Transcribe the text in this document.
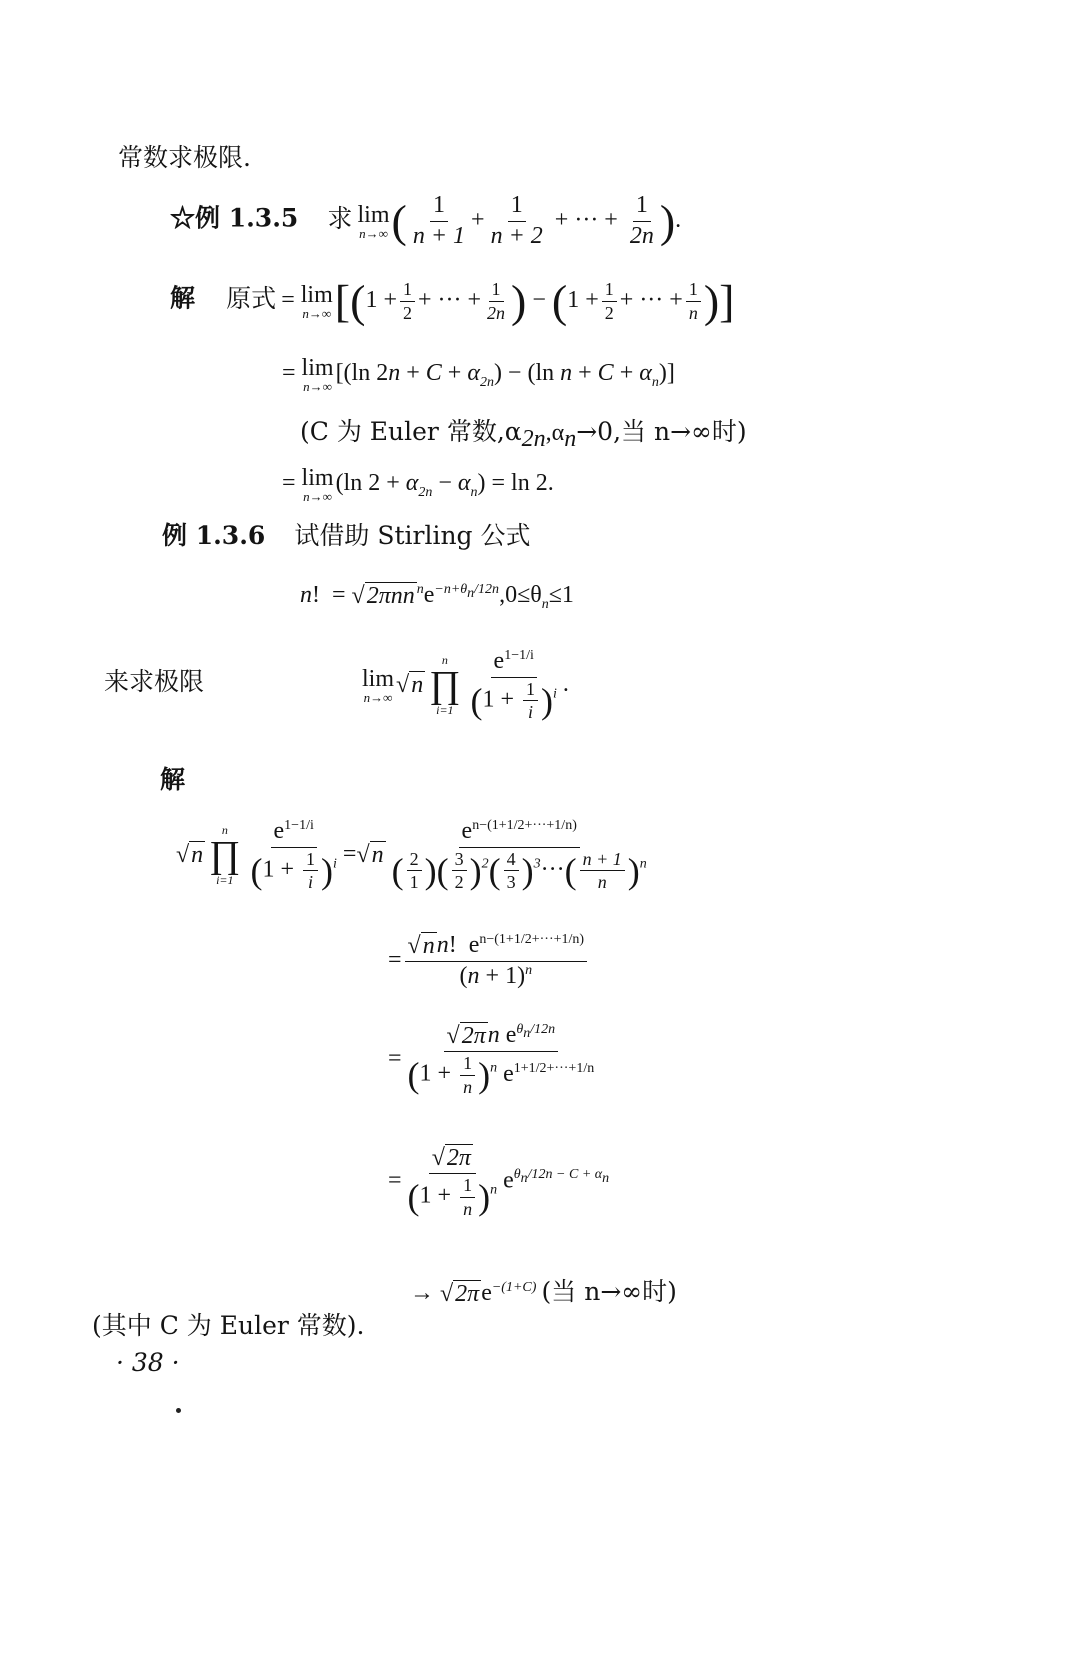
常数求极限.
☆例 1.3.5 求 lim
n→∞ ( $\frac{1}{n + 1} + \frac{1}{n + 2}$ + ··· + $\frac{1}{2n}$ ).
解 原式 = lim
n→∞ [($1 + \frac{1}{2}$ + ··· + $\frac{1}{2n}$ ) − ($1 + \frac{1}{2}$ + ··· + $\frac{1}{n}$ )]
= lim
n→∞
[(ln $2n + C + \alpha_{2n}) - (\ln$ $n + C + \alpha_n$)]
(C 为 Euler 常数$,\alpha_{2n},\alpha_n\to 0$,当 n→∞时)
= lim
n→∞
(ln $2 + \alpha_{2n} - \alpha_n) = \ln 2$.
例 1.3.6 试借助 Stirling 公式
n!  = √2πnn $^ne^{-n+\theta_n/12n},0\le\theta_n\le 1$
来求极限	lim
n→∞ √n
n
∏
$i=1 \frac{e^{1-1/i}}{(1 + \frac{1}{i} )^i}$ .
解
√n
n
∏
$i=1 \frac{e^{1-1/i}}{(1 + \frac{1}{i} )^i} =√n \frac{e^{n-(1+1/2+\cdot\cdot\cdot+1/n)}}{( \frac{2}{1} )( \frac{3}{2} )^2( \frac{4}{3} )^3\cdot\cdot\cdot( \frac{n + 1}{n} )^n}$
= $\frac{√nn! e^{n-(1+1/2+\cdot\cdot\cdot+1/n)}}{(n + 1)^n}$
= $\frac{√2\pi n e^{\theta_n/12n}}{(1 + \frac{1}{n} )^n e^{1+1/2+\cdot\cdot\cdot+1/n}}$
= $\frac{√2\pi}{(1 + \frac{1}{n} )^n} e^{\theta_n/12n - C + \alpha_n}$
→ $√2\pi e^{-(1+C)}$ (当 n→∞时)
(其中 C 为 Euler 常数).
· 38 ·
